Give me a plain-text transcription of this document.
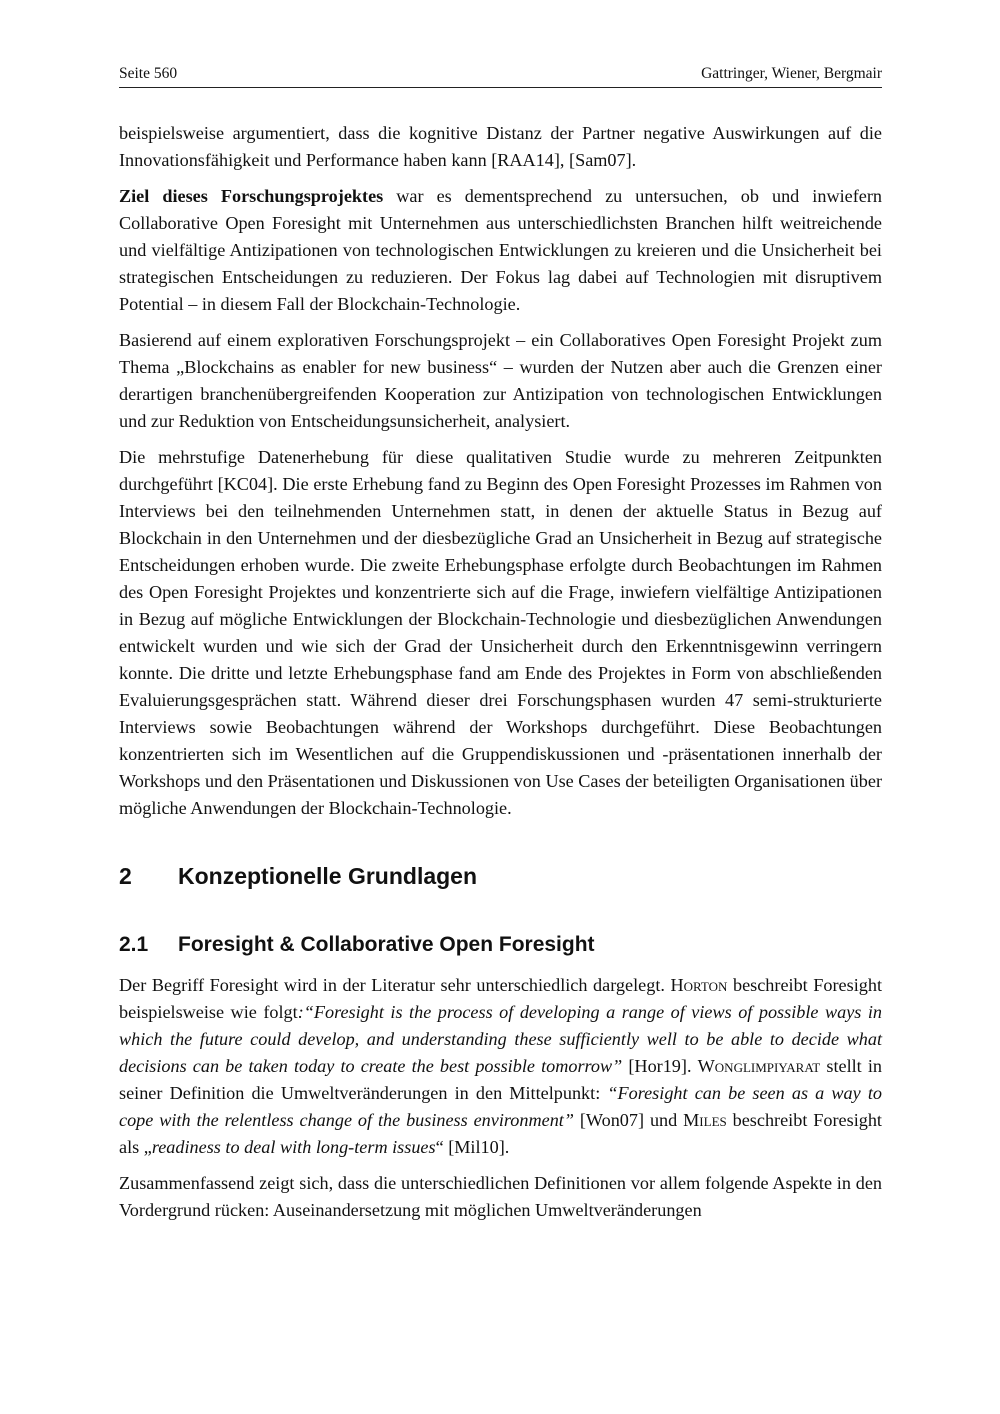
Seite 560	Gattringer, Wiener, Bergmair

beispielsweise argumentiert, dass die kognitive Distanz der Partner negative Auswirkungen auf die Innovationsfähigkeit und Performance haben kann [RAA14], [Sam07].

Ziel dieses Forschungsprojektes war es dementsprechend zu untersuchen, ob und inwiefern Collaborative Open Foresight mit Unternehmen aus unterschiedlichsten Branchen hilft weitreichende und vielfältige Antizipationen von technologischen Entwicklungen zu kreieren und die Unsicherheit bei strategischen Entscheidungen zu reduzieren. Der Fokus lag dabei auf Technologien mit disruptivem Potential – in diesem Fall der Blockchain-Technologie.

Basierend auf einem explorativen Forschungsprojekt – ein Collaboratives Open Foresight Projekt zum Thema „Blockchains as enabler for new business“ – wurden der Nutzen aber auch die Grenzen einer derartigen branchenübergreifenden Kooperation zur Antizipation von technologischen Entwicklungen und zur Reduktion von Entscheidungsunsicherheit, analysiert.

Die mehrstufige Datenerhebung für diese qualitativen Studie wurde zu mehreren Zeitpunkten durchgeführt [KC04]. Die erste Erhebung fand zu Beginn des Open Foresight Prozesses im Rahmen von Interviews bei den teilnehmenden Unternehmen statt, in denen der aktuelle Status in Bezug auf Blockchain in den Unternehmen und der diesbezügliche Grad an Unsicherheit in Bezug auf strategische Entscheidungen erhoben wurde. Die zweite Erhebungsphase erfolgte durch Beobachtungen im Rahmen des Open Foresight Projektes und konzentrierte sich auf die Frage, inwiefern vielfältige Antizipationen in Bezug auf mögliche Entwicklungen der Blockchain-Technologie und diesbezüglichen Anwendungen entwickelt wurden und wie sich der Grad der Unsicherheit durch den Erkenntnisgewinn verringern konnte. Die dritte und letzte Erhebungsphase fand am Ende des Projektes in Form von abschließenden Evaluierungsgesprächen statt. Während dieser drei Forschungsphasen wurden 47 semi-strukturierte Interviews sowie Beobachtungen während der Workshops durchgeführt. Diese Beobachtungen konzentrierten sich im Wesentlichen auf die Gruppendiskussionen und -präsentationen innerhalb der Workshops und den Präsentationen und Diskussionen von Use Cases der beteiligten Organisationen über mögliche Anwendungen der Blockchain-Technologie.

2	Konzeptionelle Grundlagen
2.1	Foresight & Collaborative Open Foresight

Der Begriff Foresight wird in der Literatur sehr unterschiedlich dargelegt. Horton beschreibt Foresight beispielsweise wie folgt:“Foresight is the process of developing a range of views of possible ways in which the future could develop, and understanding these sufficiently well to be able to decide what decisions can be taken today to create the best possible tomorrow” [Hor19]. Wonglimpiyarat stellt in seiner Definition die Umweltveränderungen in den Mittelpunkt: “Foresight can be seen as a way to cope with the relentless change of the business environment” [Won07] und Miles beschreibt Foresight als „readiness to deal with long-term issues“ [Mil10].

Zusammenfassend zeigt sich, dass die unterschiedlichen Definitionen vor allem folgende Aspekte in den Vordergrund rücken: Auseinandersetzung mit möglichen Umweltveränderungen
